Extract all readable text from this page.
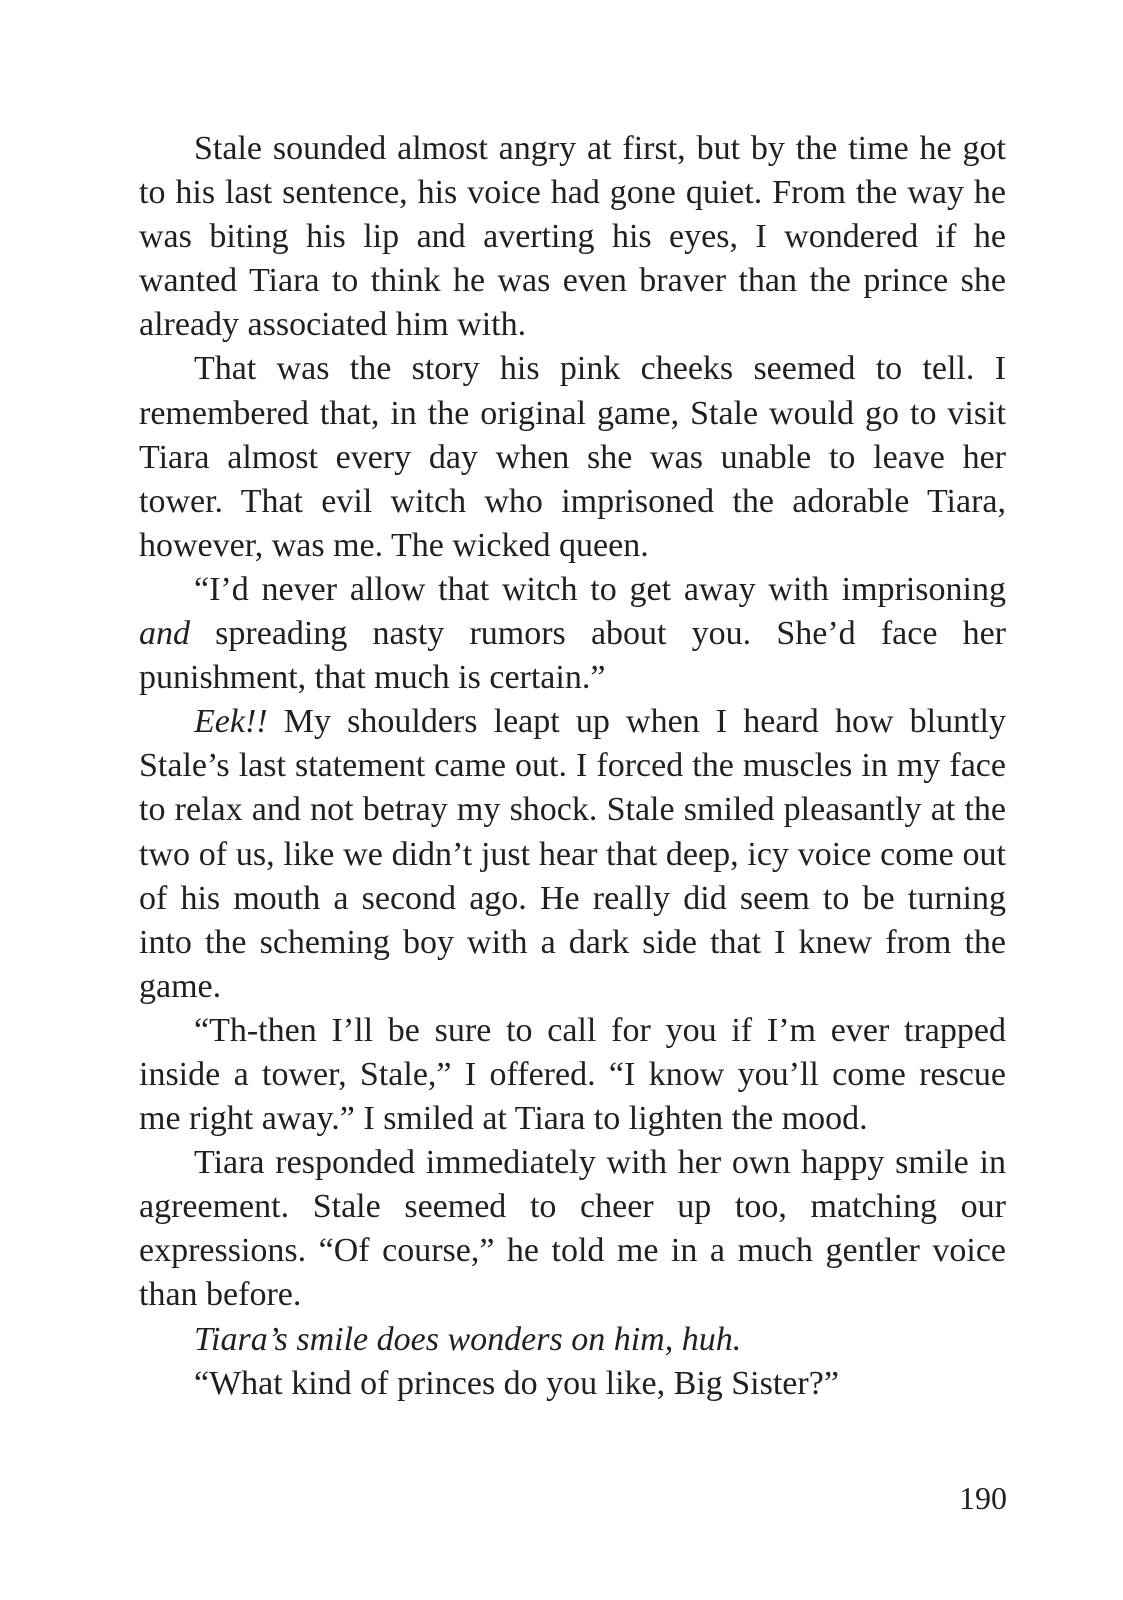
Stale sounded almost angry at first, but by the time he got to his last sentence, his voice had gone quiet. From the way he was biting his lip and averting his eyes, I wondered if he wanted Tiara to think he was even braver than the prince she already associated him with.

That was the story his pink cheeks seemed to tell. I remembered that, in the original game, Stale would go to visit Tiara almost every day when she was unable to leave her tower. That evil witch who imprisoned the adorable Tiara, however, was me. The wicked queen.

“I’d never allow that witch to get away with imprisoning and spreading nasty rumors about you. She’d face her punishment, that much is certain.”

Eek!! My shoulders leapt up when I heard how bluntly Stale’s last statement came out. I forced the muscles in my face to relax and not betray my shock. Stale smiled pleasantly at the two of us, like we didn’t just hear that deep, icy voice come out of his mouth a second ago. He really did seem to be turning into the scheming boy with a dark side that I knew from the game.

“Th-then I’ll be sure to call for you if I’m ever trapped inside a tower, Stale,” I offered. “I know you’ll come rescue me right away.” I smiled at Tiara to lighten the mood.

Tiara responded immediately with her own happy smile in agreement. Stale seemed to cheer up too, matching our expressions. “Of course,” he told me in a much gentler voice than before.

Tiara’s smile does wonders on him, huh.

“What kind of princes do you like, Big Sister?”

190
